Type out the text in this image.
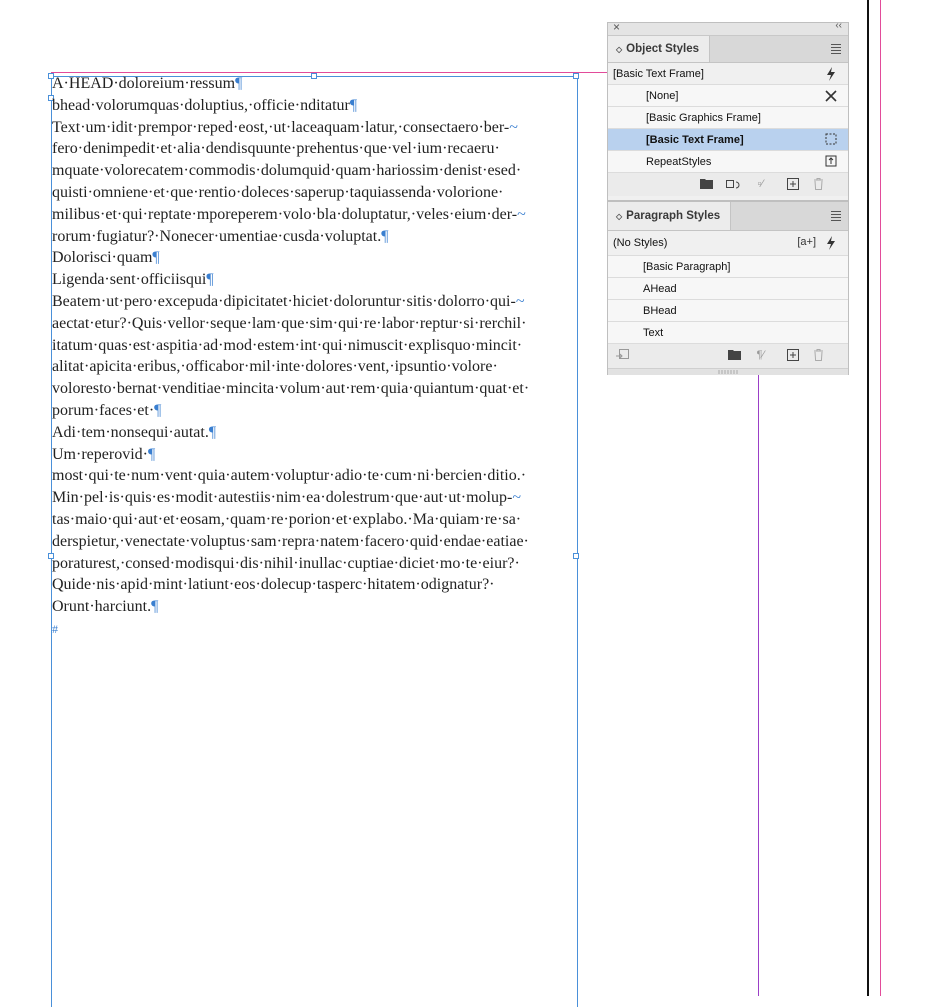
A·HEAD·doloreium·ressum¶

bhead·volorumquas·doluptius,·officie·nditatur¶

Text·um·idit·prempor·reped·eost,·ut·laceaquam·latur,·consectaero·ber-~

fero·denimpedit·et·alia·dendisquunte·prehentus·que·vel·ium·recaeru·

mquate·volorecatem·commodis·dolumquid·quam·hariossim·denist·esed·

quisti·omniene·et·que·rentio·doleces·saperup·taquiassenda·volorione·

milibus·et·qui·reptate·mporeperem·volo·bla·doluptatur,·veles·eium·der-~

rorum·fugiatur?·Nonecer·umentiae·cusda·voluptat.¶

Dolorisci·quam¶

Ligenda·sent·officiisqui¶

Beatem·ut·pero·excepuda·dipicitatet·hiciet·doloruntur·sitis·dolorro·qui-~

aectat·etur?·Quis·vellor·seque·lam·que·sim·qui·re·labor·reptur·si·rerchil·

itatum·quas·est·aspitia·ad·mod·estem·int·qui·nimuscit·explisquo·mincit·

alitat·apicita·eribus,·officabor·mil·inte·dolores·vent,·ipsuntio·volore·

voloresto·bernat·venditiae·mincita·volum·aut·rem·quia·quiantum·quat·et·

porum·faces·et·¶

Adi·tem·nonsequi·autat.¶

Um·reperovid·¶

most·qui·te·num·vent·quia·autem·voluptur·adio·te·cum·ni·bercien·ditio.·

Min·pel·is·quis·es·modit·autestiis·nim·ea·dolestrum·que·aut·ut·molup-~

tas·maio·qui·aut·et·eosam,·quam·re·porion·et·explabo.·Ma·quiam·re·sa·

derspietur,·venectate·voluptus·sam·repra·natem·facero·quid·endae·eatiae·

poraturest,·consed·modisqui·dis·nihil·inullac·cuptiae·diciet·mo·te·eiur?·

Quide·nis·apid·mint·latiunt·eos·dolecup·tasperc·hitatem·odignatur?·

Orunt·harciunt.¶

#

×	‹‹
◇ Object Styles
[Basic Text Frame]
[None]
[Basic Graphics Frame]
[Basic Text Frame]
RepeatStyles
▫⁄
◇ Paragraph Styles
(No Styles)	[a+]
[Basic Paragraph]
AHead
BHead
Text
¶⁄
